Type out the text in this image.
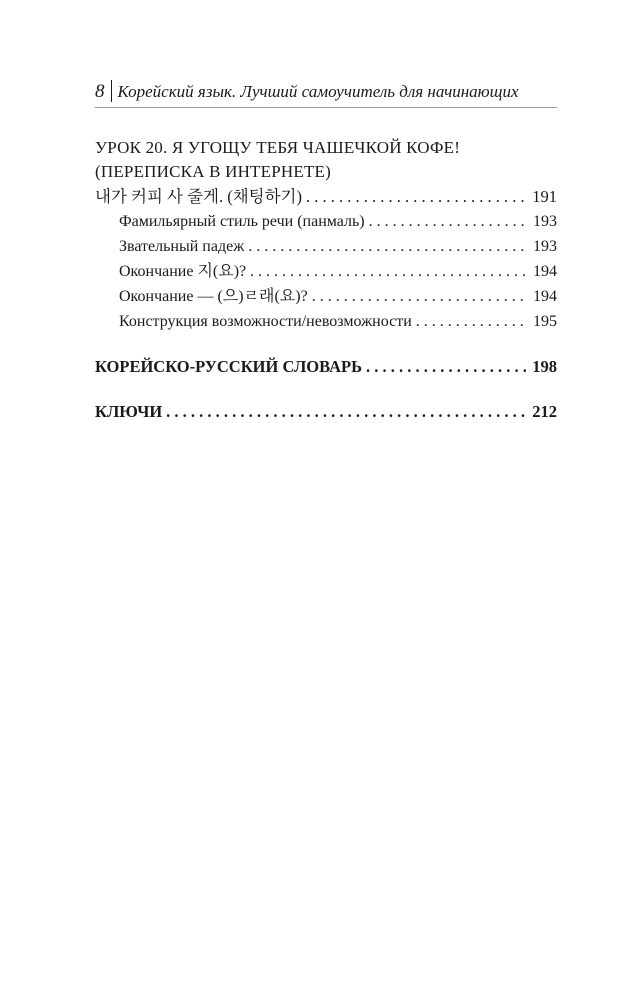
8 Корейский язык. Лучший самоучитель для начинающих
УРОК 20. Я УГОЩУ ТЕБЯ ЧАШЕЧКОЙ КОФЕ!
(ПЕРЕПИСКА В ИНТЕРНЕТЕ)
내가 커피 사 줄게. (채팅하기) . . .	191
Фамильярный стиль речи (панмаль) . . .	193
Звательный падеж . . .	193
Окончание 지(요)? . . .	194
Окончание — (으)ㄹ래(요)? . . .	194
Конструкция возможности/невозможности . . .	195
КОРЕЙСКО-РУССКИЙ СЛОВАРЬ . . .	198
КЛЮЧИ . . .	212
